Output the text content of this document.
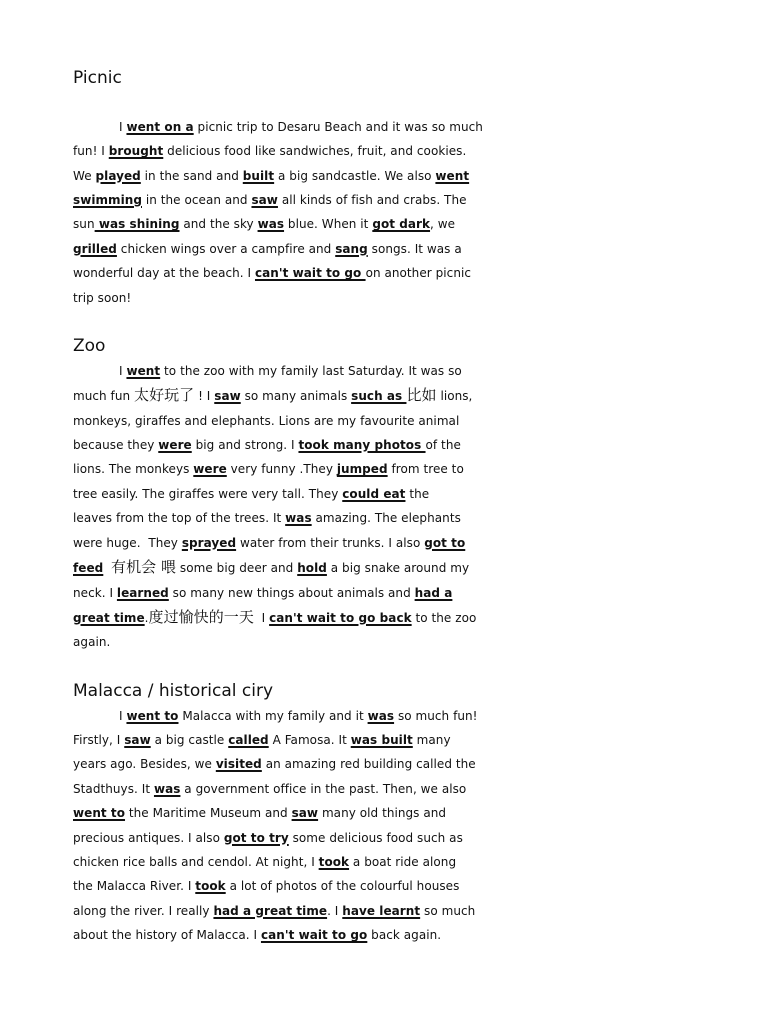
Picnic
I went on a picnic trip to Desaru Beach and it was so much
fun! I brought delicious food like sandwiches, fruit, and cookies.
We played in the sand and built a big sandcastle. We also went
swimming in the ocean and saw all kinds of fish and crabs. The
sun was shining and the sky was blue. When it got dark, we
grilled chicken wings over a campfire and sang songs. It was a
wonderful day at the beach. I can't wait to go on another picnic
trip soon!
Zoo
I went to the zoo with my family last Saturday. It was so
much fun 太好玩了 ! I saw so many animals such as 比如 lions,
monkeys, giraffes and elephants. Lions are my favourite animal
because they were big and strong. I took many photos of the
lions. The monkeys were very funny .They jumped from tree to
tree easily. The giraffes were very tall. They could eat the
leaves from the top of the trees. It was amazing. The elephants
were huge.  They sprayed water from their trunks. I also got to
feed 有机会 喂 some big deer and hold a big snake around my
neck. I learned so many new things about animals and had a
great time.度过愉快的一天  I can't wait to go back to the zoo
again.
Malacca / historical ciry
I went to Malacca with my family and it was so much fun!
Firstly, I saw a big castle called A Famosa. It was built many
years ago. Besides, we visited an amazing red building called the
Stadthuys. It was a government office in the past. Then, we also
went to the Maritime Museum and saw many old things and
precious antiques. I also got to try some delicious food such as
chicken rice balls and cendol. At night, I took a boat ride along
the Malacca River. I took a lot of photos of the colourful houses
along the river. I really had a great time. I have learnt so much
about the history of Malacca. I can't wait to go back again.
